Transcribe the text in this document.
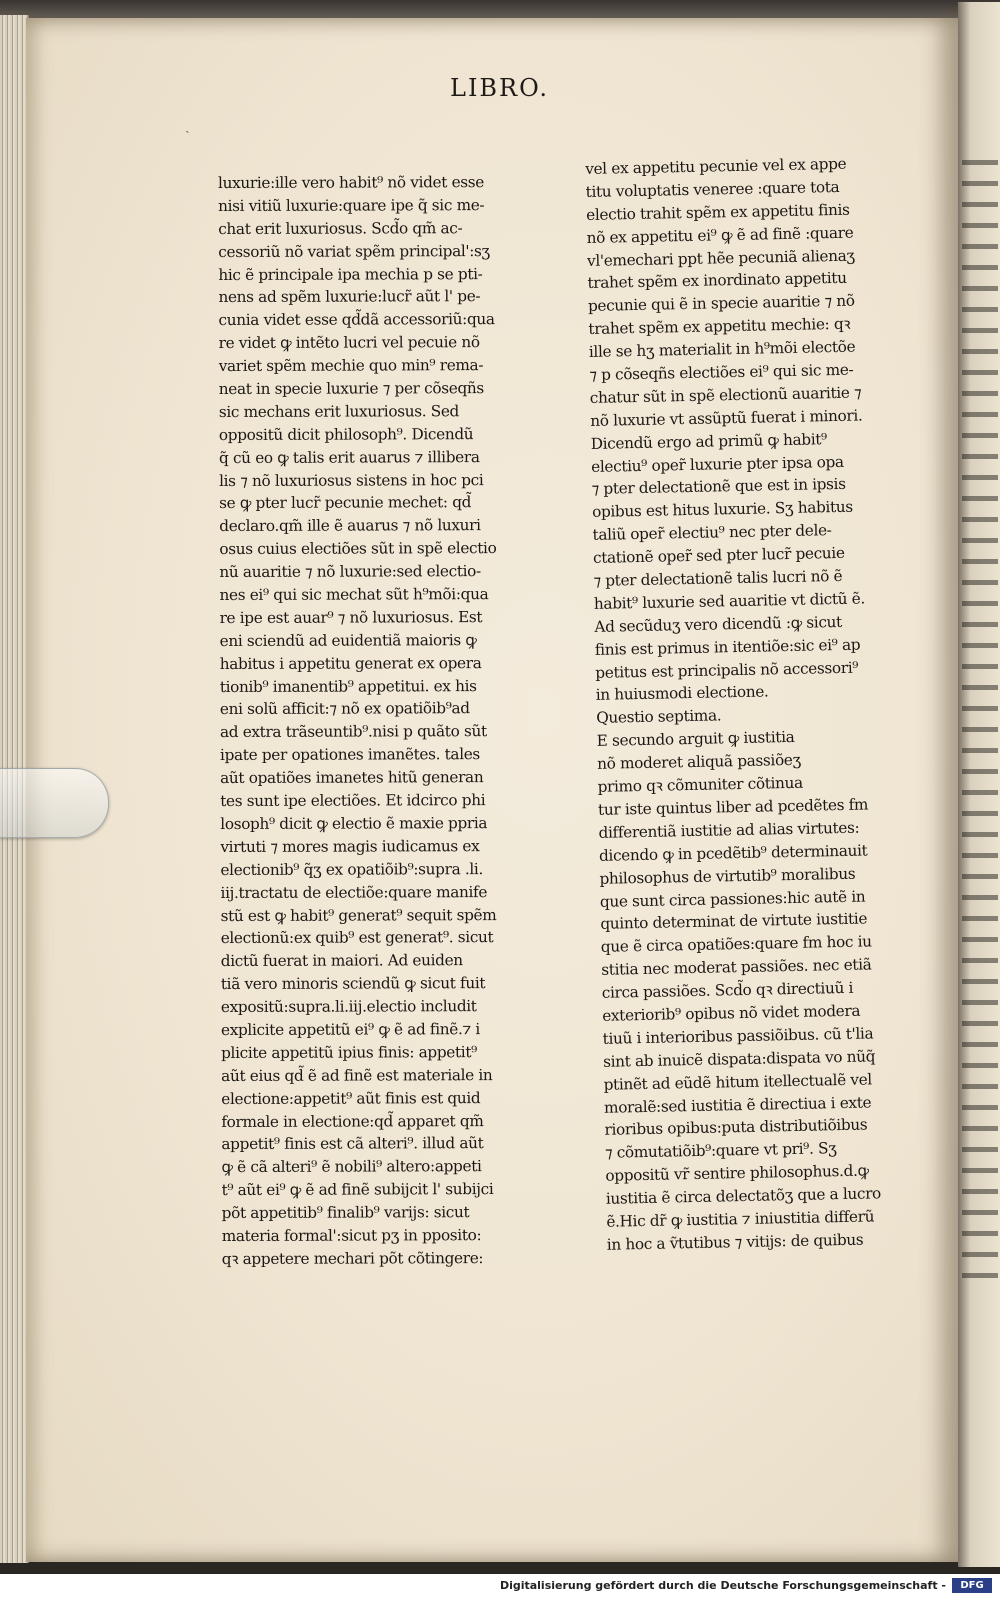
LIBRO.
ˏ
luxurie:ille vero habit⁹ nõ videt esse
nisi vitiũ luxurie:quare ipe q̃ sic me-
chat erit luxuriosus. Scd̃o qm̃ ac-
cessoriũ nõ variat spẽm principal':sʒ
hic ẽ principale ipa mechia p se pti-
nens ad spẽm luxurie:lucr̃ aũt l' pe-
cunia videt esse qd̃dã accessoriũ:qua
re videt ꝙ intẽto lucri vel pecuie nõ
variet spẽm mechie quo min⁹ rema-
neat in specie luxurie ⁊ per cõseqñs
sic mechans erit luxuriosus. Sed
oppositũ dicit philosoph⁹. Dicendũ
q̃ cũ eo ꝙ talis erit auarus ⁊ illibera
lis ⁊ nõ luxuriosus sistens in hoc pci
se ꝙ pter lucr̃ pecunie mechet: qd̃
declaro.qm̃ ille ẽ auarus ⁊ nõ luxuri
osus cuius electiões sũt in spẽ electio
nũ auaritie ⁊ nõ luxurie:sed electio-
nes ei⁹ qui sic mechat sũt h⁹mõi:qua
re ipe est auar⁹ ⁊ nõ luxuriosus. Est
eni sciendũ ad euidentiã maioris ꝙ
habitus i appetitu generat ex opera
tionib⁹ imanentib⁹ appetitui. ex his
eni solũ afficit:⁊ nõ ex opatiõib⁹ad
ad extra trãseuntib⁹.nisi p quãto sũt
ipate per opationes imanẽtes. tales
aũt opatiões imanetes hitũ generan
tes sunt ipe electiões. Et idcirco phi
losoph⁹ dicit ꝙ electio ẽ maxie ppria
virtuti ⁊ mores magis iudicamus ex
electionib⁹ q̃ʒ ex opatiõib⁹:supra .li.
iij.tractatu de electiõe:quare manife
stũ est ꝙ habit⁹ generat⁹ sequit spẽm
electionũ:ex quib⁹ est generat⁹. sicut
dictũ fuerat in maiori. Ad euiden
tiã vero minoris sciendũ ꝙ sicut fuit
expositũ:supra.li.iij.electio includit
explicite appetitũ ei⁹ ꝙ ẽ ad finẽ.⁊ i
plicite appetitũ ipius finis: appetit⁹
aũt eius qd̃ ẽ ad finẽ est materiale in
electione:appetit⁹ aũt finis est quid
formale in electione:qd̃ apparet qm̃
appetit⁹ finis est cã alteri⁹. illud aũt
ꝙ ẽ cã alteri⁹ ẽ nobili⁹ altero:appeti
t⁹ aũt ei⁹ ꝙ ẽ ad finẽ subijcit l' subijci
põt appetitib⁹ finalib⁹ varijs: sicut
materia formal':sicut pʒ in pposito:
qꝛ appetere mechari põt cõtingere:
vel ex appetitu pecunie vel ex appe
titu voluptatis veneree :quare tota
electio trahit spẽm ex appetitu finis
nõ ex appetitu ei⁹ ꝙ ẽ ad finẽ :quare
vl'emechari ppt hẽe pecuniã alienaʒ
trahet spẽm ex inordinato appetitu
pecunie qui ẽ in specie auaritie ⁊ nõ
trahet spẽm ex appetitu mechie: qꝛ
ille se hʒ materialit in h⁹mõi electõe
⁊ p cõseqñs electiões ei⁹ qui sic me-
chatur sũt in spẽ electionũ auaritie ⁊
nõ luxurie vt assũptũ fuerat i minori.
Dicendũ ergo ad primũ ꝙ habit⁹
electiu⁹ oper̃ luxurie pter ipsa opa
⁊ pter delectationẽ que est in ipsis
opibus est hitus luxurie. Sʒ habitus
taliũ oper̃ electiu⁹ nec pter dele-
ctationẽ oper̃ sed pter lucr̃ pecuie
⁊ pter delectationẽ talis lucri nõ ẽ
habit⁹ luxurie sed auaritie vt dictũ ẽ.
Ad secũduʒ vero dicendũ :ꝙ sicut
finis est primus in itentiõe:sic ei⁹ ap
petitus est principalis nõ accessori⁹
in huiusmodi electione.
Questio septima.
E secundo arguit ꝙ iustitia
nõ moderet aliquã passiõeʒ
primo qꝛ cõmuniter cõtinua
tur iste quintus liber ad pcedẽtes fm
differentiã iustitie ad alias virtutes:
dicendo ꝙ in pcedẽtib⁹ determinauit
philosophus de virtutib⁹ moralibus
que sunt circa passiones:hic autẽ in
quinto determinat de virtute iustitie
que ẽ circa opatiões:quare fm hoc iu
stitia nec moderat passiões. nec etiã
circa passiões. Scd̃o qꝛ directiuũ i
exteriorib⁹ opibus nõ videt modera
tiuũ i interioribus passiõibus. cũ t'lia
sint ab inuicẽ dispata:dispata vo nũq̃
ptinẽt ad eũdẽ hitum itellectualẽ vel
moralẽ:sed iustitia ẽ directiua i exte
rioribus opibus:puta distributiõibus
⁊ cõmutatiõib⁹:quare vt pri⁹. Sʒ
oppositũ vr̃ sentire philosophus.d.ꝙ
iustitia ẽ circa delectatõʒ que a lucro
ẽ.Hic dr̃ ꝙ iustitia ⁊ iniustitia differũ
in hoc a ṽtutibus ⁊ vitijs: de quibus
Digitalisierung gefördert durch die Deutsche Forschungsgemeinschaft -	DFG
